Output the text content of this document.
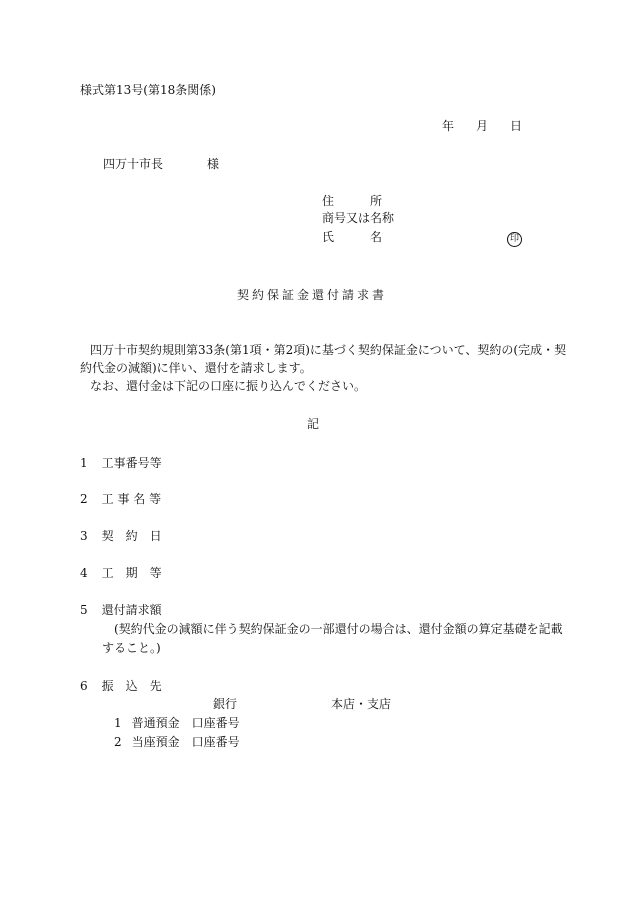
様式第13号(第18条関係)
年 月 日
四万十市長	様
住　　　所
商号又は名称
氏　　　名	印
契約保証金還付請求書
四万十市契約規則第33条(第1項・第2項)に基づく契約保証金について、契約の(完成・契
約代金の減額)に伴い、還付を請求します。
なお、還付金は下記の口座に振り込んでください。
記
1 工事番号等
2 工 事 名 等
3 契　約　日
4 工　期　等
5 還付請求額
(契約代金の減額に伴う契約保証金の一部還付の場合は、還付金額の算定基礎を記載
すること。)
6 振　込　先
銀行	本店・支店
1 普通預金 口座番号
2 当座預金 口座番号
